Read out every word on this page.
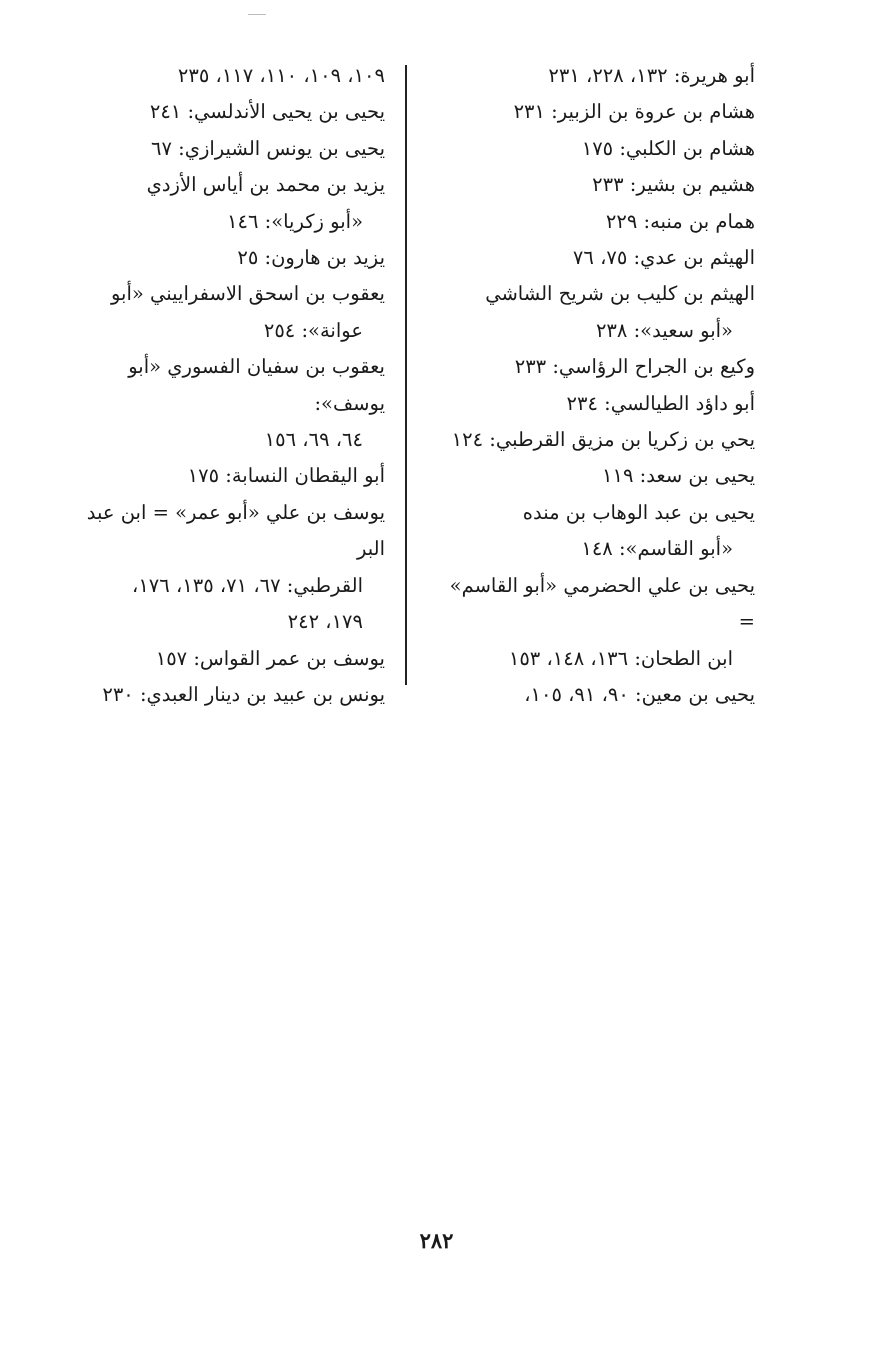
أبو هريرة: ١٣٢، ٢٢٨، ٢٣١
هشام بن عروة بن الزبير: ٢٣١
هشام بن الكلبي: ١٧٥
هشيم بن بشير: ٢٣٣
همام بن منبه: ٢٢٩
الهيثم بن عدي: ٧٥، ٧٦
الهيثم بن كليب بن شريح الشاشي
«أبو سعيد»: ٢٣٨
وكيع بن الجراح الرؤاسي: ٢٣٣
أبو داؤد الطيالسي: ٢٣٤
يحي بن زكريا بن مزيق القرطبي: ١٢٤
يحيى بن سعد: ١١٩
يحيى بن عبد الوهاب بن منده
«أبو القاسم»: ١٤٨
يحيى بن علي الحضرمي «أبو القاسم» =
ابن الطحان: ١٣٦، ١٤٨، ١٥٣
يحيى بن معين: ٩٠، ٩١، ١٠٥،
١٠٩، ١٠٩، ١١٠، ١١٧، ٢٣٥
يحيى بن يحيى الأندلسي: ٢٤١
يحيى بن يونس الشيرازي: ٦٧
يزيد بن محمد بن أياس الأزدي
«أبو زكريا»: ١٤٦
يزيد بن هارون: ٢٥
يعقوب بن اسحق الاسفراييني «أبو
عوانة»: ٢٥٤
يعقوب بن سفيان الفسوري «أبو يوسف»:
٦٤، ٦٩، ١٥٦
أبو اليقطان النسابة: ١٧٥
يوسف بن علي «أبو عمر» = ابن عبد البر
القرطبي: ٦٧، ٧١، ١٣٥، ١٧٦،
١٧٩، ٢٤٢
يوسف بن عمر القواس: ١٥٧
يونس بن عبيد بن دينار العبدي: ٢٣٠
٢٨٢
